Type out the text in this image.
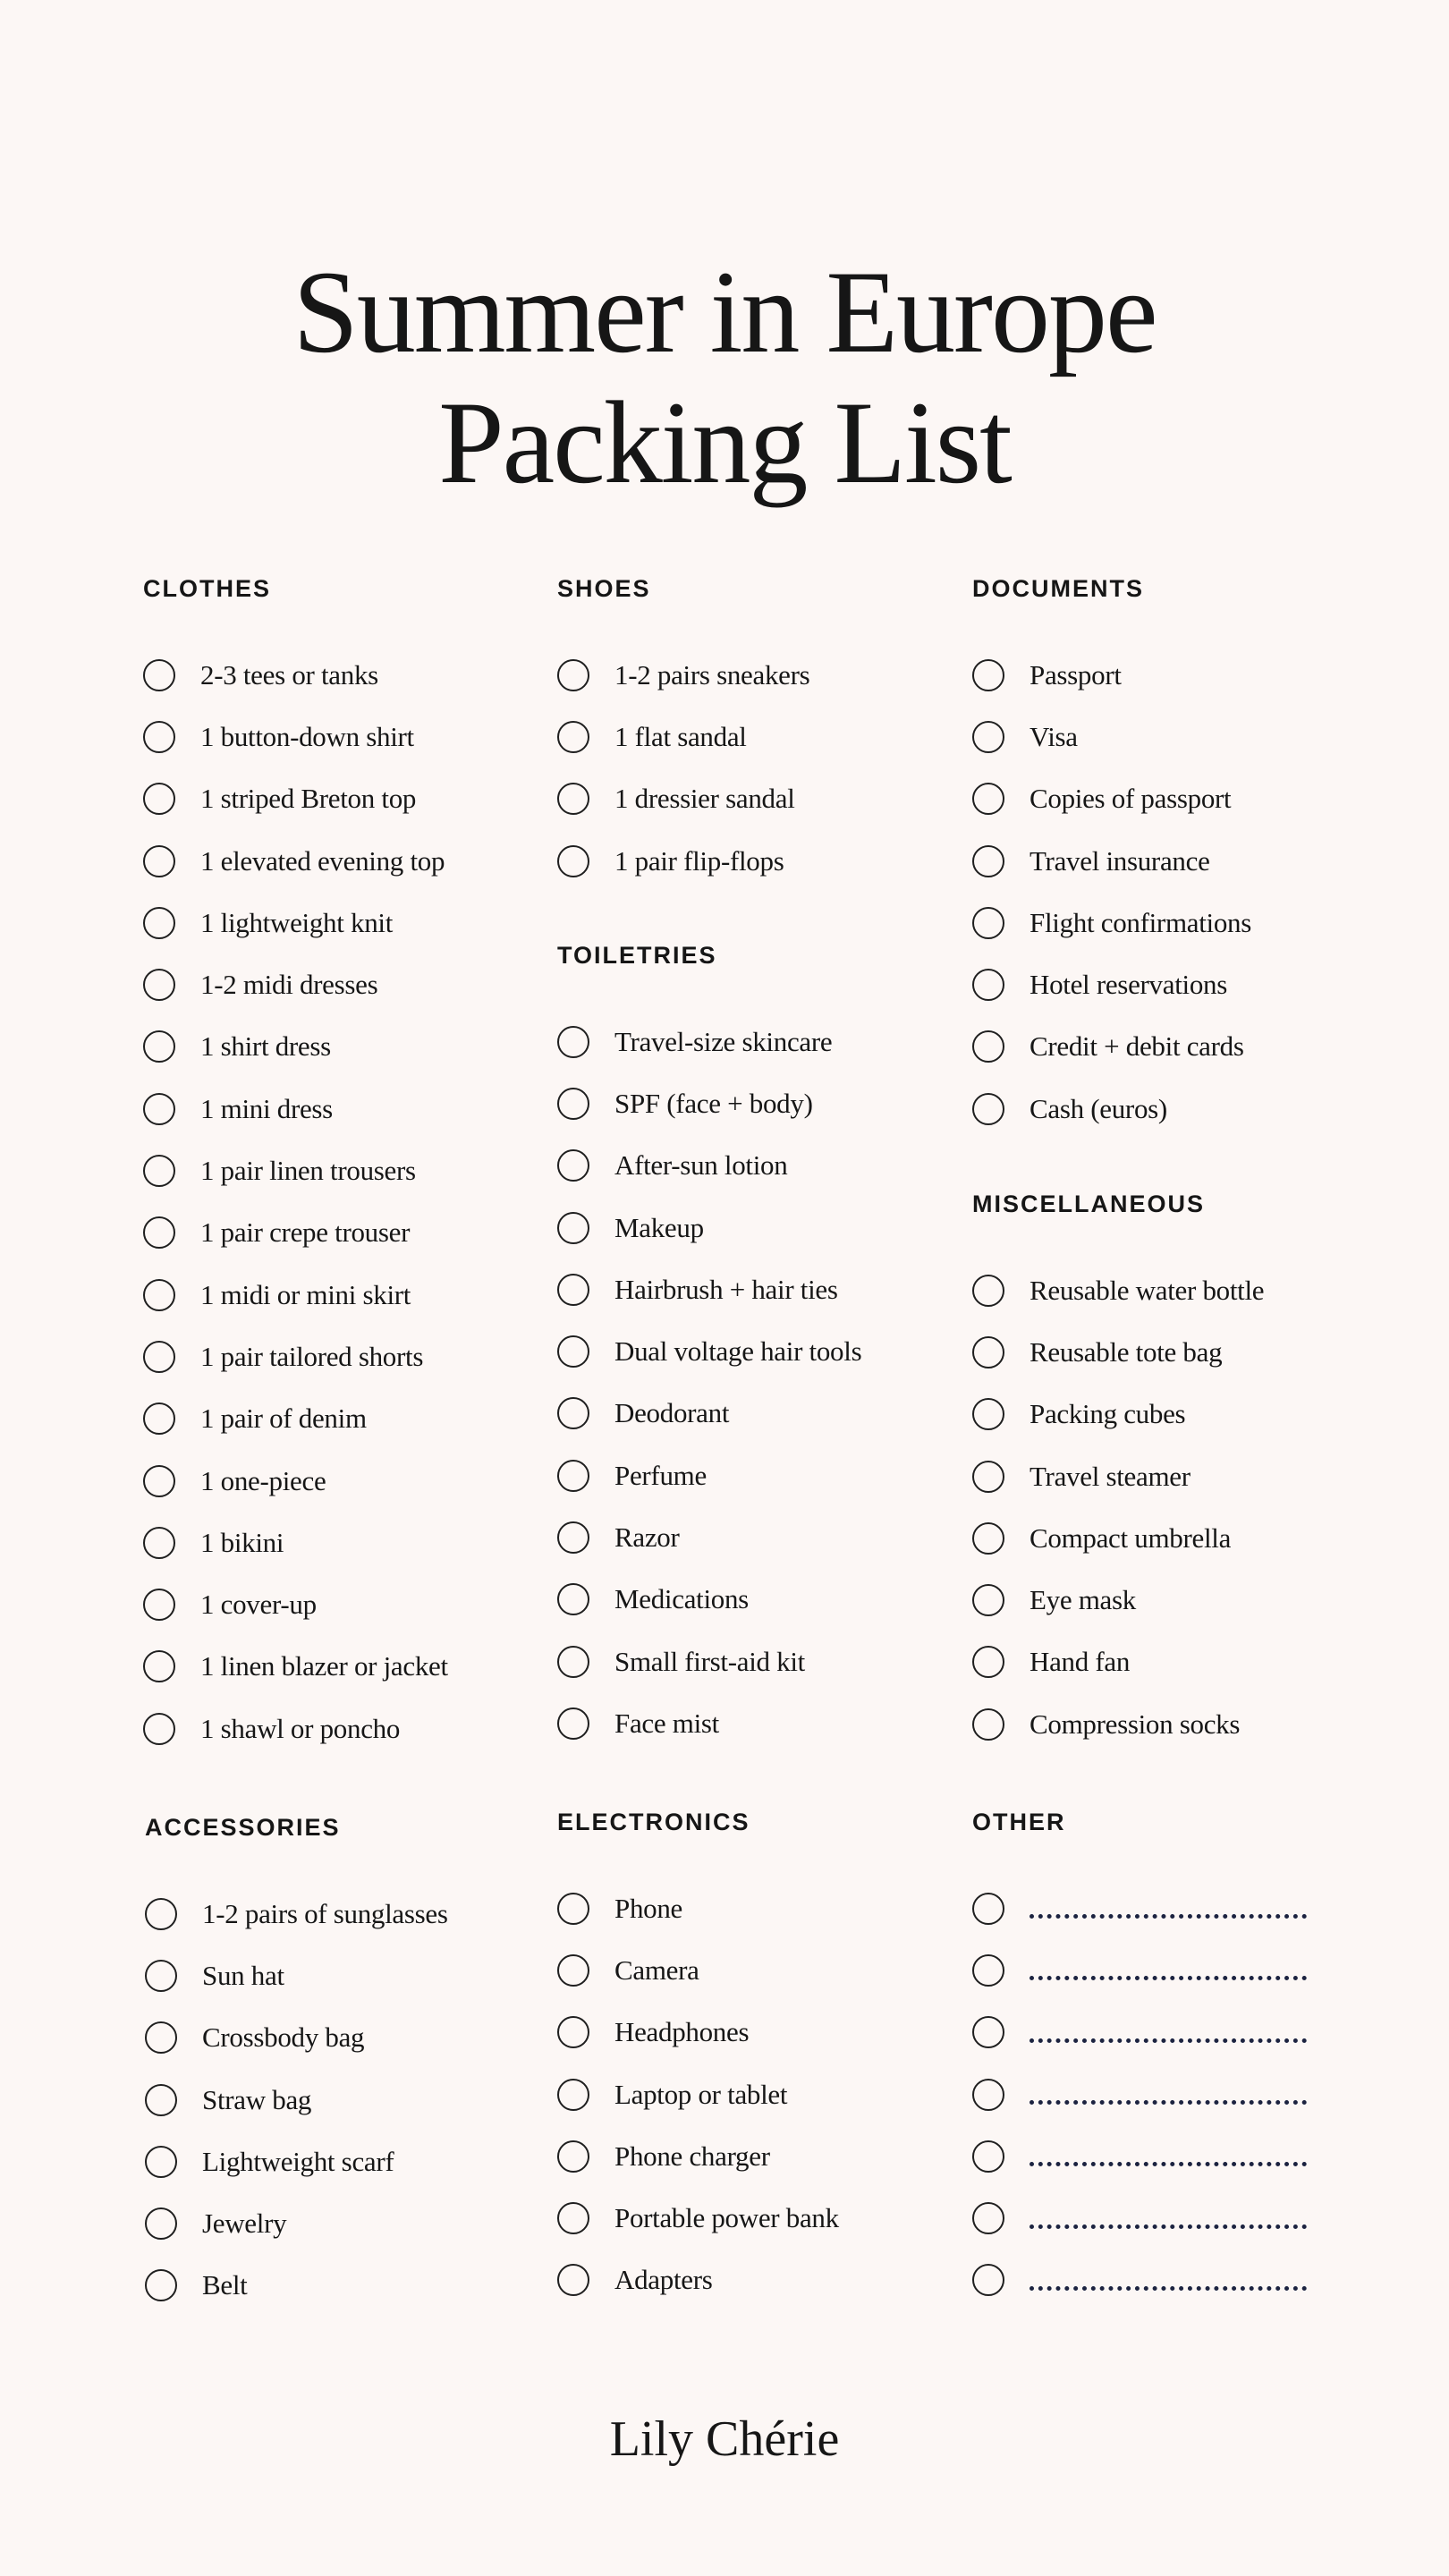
Summer in Europe
Packing List
CLOTHES
2-3 tees or tanks
1 button-down shirt
1 striped Breton top
1 elevated evening top
1 lightweight knit
1-2 midi dresses
1 shirt dress
1 mini dress
1 pair linen trousers
1 pair crepe trouser
1 midi or mini skirt
1 pair tailored shorts
1 pair of denim
1 one-piece
1 bikini
1 cover-up
1 linen blazer or jacket
1 shawl or poncho
SHOES
1-2 pairs sneakers
1 flat sandal
1 dressier sandal
1 pair flip-flops
TOILETRIES
Travel-size skincare
SPF (face + body)
After-sun lotion
Makeup
Hairbrush + hair ties
Dual voltage hair tools
Deodorant
Perfume
Razor
Medications
Small first-aid kit
Face mist
DOCUMENTS
Passport
Visa
Copies of passport
Travel insurance
Flight confirmations
Hotel reservations
Credit + debit cards
Cash (euros)
MISCELLANEOUS
Reusable water bottle
Reusable tote bag
Packing cubes
Travel steamer
Compact umbrella
Eye mask
Hand fan
Compression socks
ACCESSORIES
1-2 pairs of sunglasses
Sun hat
Crossbody bag
Straw bag
Lightweight scarf
Jewelry
Belt
ELECTRONICS
Phone
Camera
Headphones
Laptop or tablet
Phone charger
Portable power bank
Adapters
OTHER
Lily Chérie
